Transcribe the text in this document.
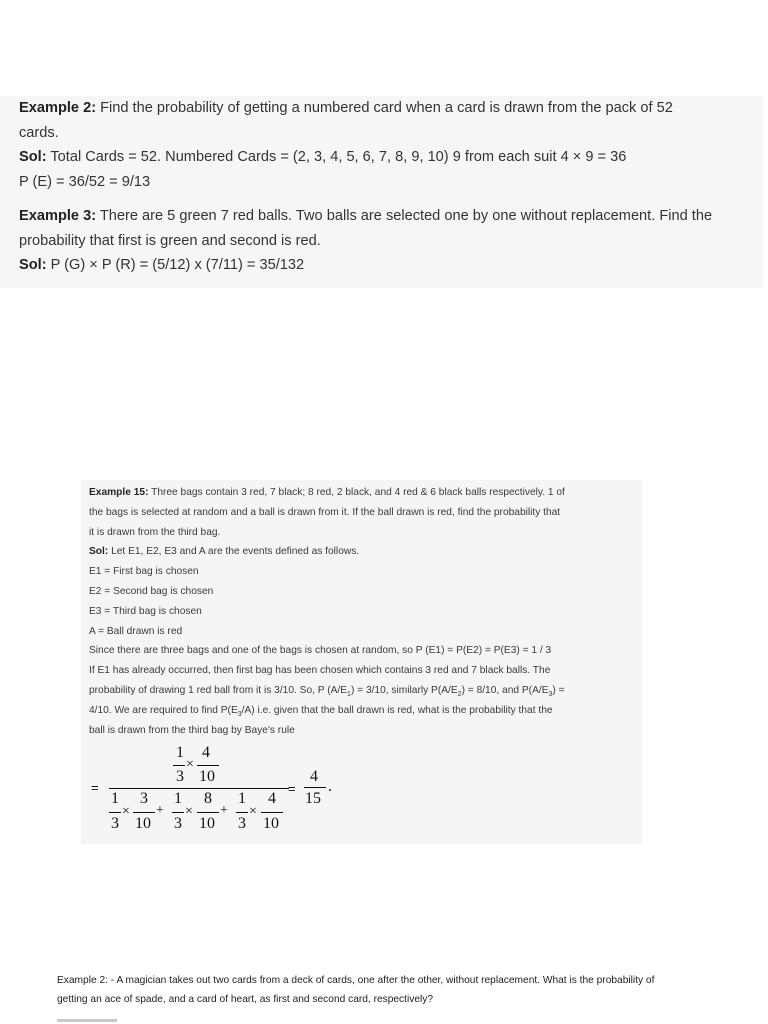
Example 2: Find the probability of getting a numbered card when a card is drawn from the pack of 52

cards.

Sol: Total Cards = 52. Numbered Cards = (2, 3, 4, 5, 6, 7, 8, 9, 10) 9 from each suit 4 × 9 = 36

P (E) = 36/52 = 9/13

Example 3: There are 5 green 7 red balls. Two balls are selected one by one without replacement. Find the

probability that first is green and second is red.

Sol: P (G) × P (R) = (5/12) x (7/11) = 35/132

Example 15: Three bags contain 3 red, 7 black; 8 red, 2 black, and 4 red & 6 black balls respectively. 1 of

the bags is selected at random and a ball is drawn from it. If the ball drawn is red, find the probability that

it is drawn from the third bag.

Sol: Let E1, E2, E3 and A are the events defined as follows.

E1 = First bag is chosen

E2 = Second bag is chosen

E3 = Third bag is chosen

A = Ball drawn is red

Since there are three bags and one of the bags is chosen at random, so P (E1) = P(E2) = P(E3) = 1 / 3

If E1 has already occurred, then first bag has been chosen which contains 3 red and 7 black balls. The

probability of drawing 1 red ball from it is 3/10. So, P $(A/E_1) = 3/10$, similarly $P(A/E_2) = 8/10$, and $P(A/E_3)$ =

4/10. We are required to find $P(E_3/A)$ i.e. given that the ball drawn is red, what is the probability that the

ball is drawn from the third bag by Baye's rule

=
1 4
×
3 10
1
3
×
3
10
+
1
3
×
8
10
+
1
3
×
4
10
=
4
15
.

Example 2: - A magician takes out two cards from a deck of cards, one after the other, without replacement. What is the probability of

getting an ace of spade, and a card of heart, as first and second card, respectively?
